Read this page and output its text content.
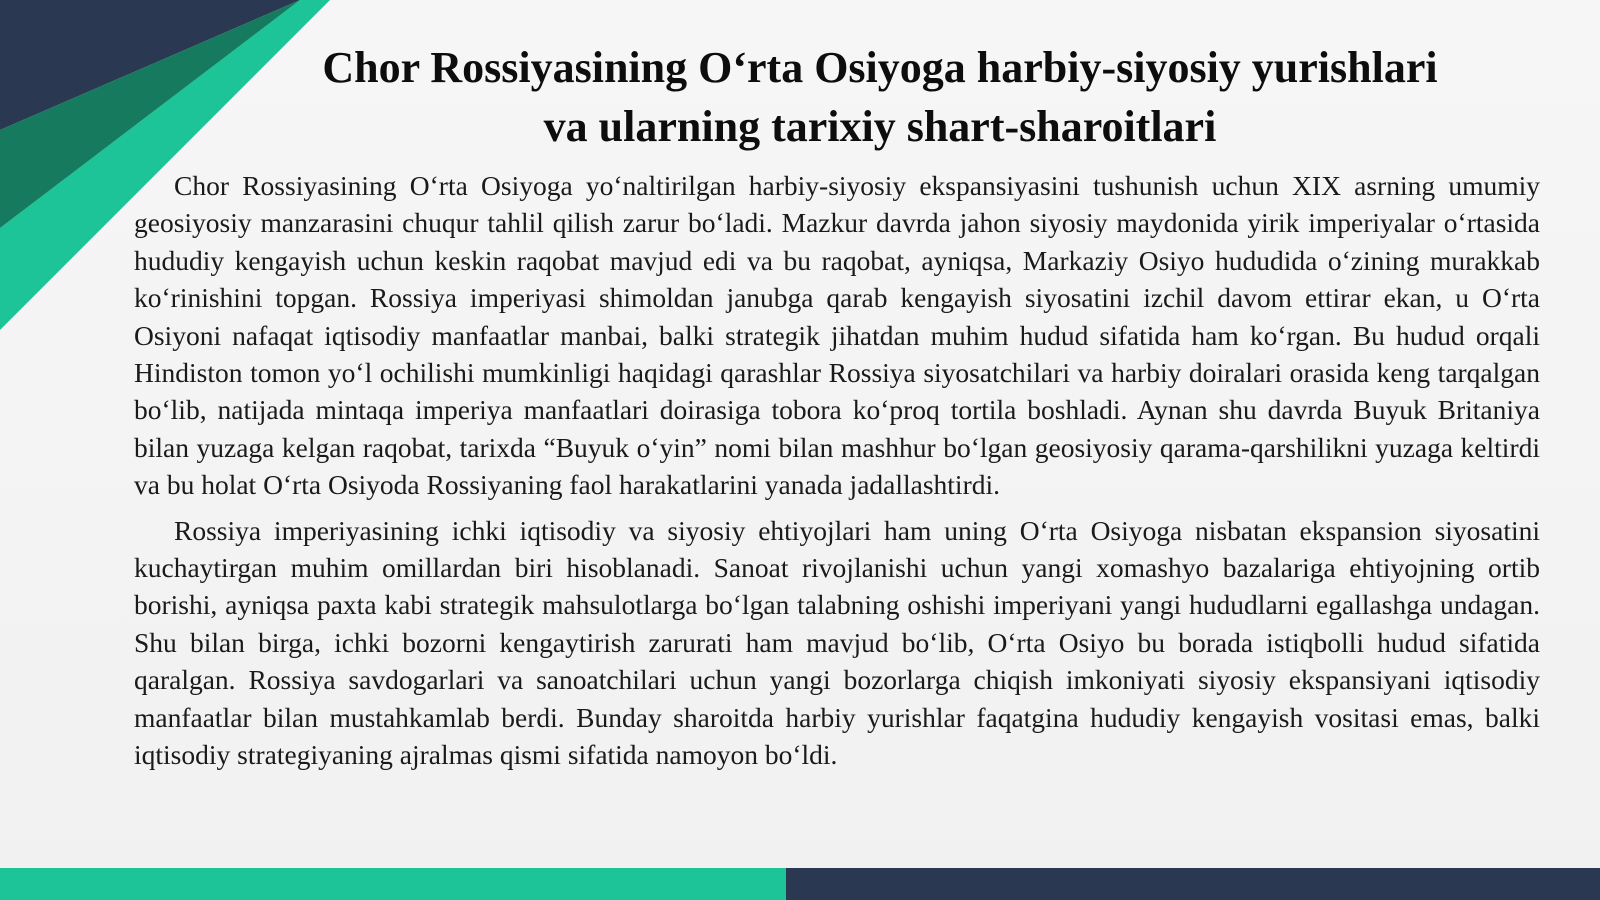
Chor Rossiyasining O‘rta Osiyoga harbiy-siyosiy yurishlari
va ularning tarixiy shart-sharoitlari

Chor Rossiyasining O‘rta Osiyoga yo‘naltirilgan harbiy-siyosiy ekspansiyasini tushunish uchun XIX asrning umumiy geosiyosiy manzarasini chuqur tahlil qilish zarur bo‘ladi. Mazkur davrda jahon siyosiy maydonida yirik imperiyalar o‘rtasida hududiy kengayish uchun keskin raqobat mavjud edi va bu raqobat, ayniqsa, Markaziy Osiyo hududida o‘zining murakkab ko‘rinishini topgan. Rossiya imperiyasi shimoldan janubga qarab kengayish siyosatini izchil davom ettirar ekan, u O‘rta Osiyoni nafaqat iqtisodiy manfaatlar manbai, balki strategik jihatdan muhim hudud sifatida ham ko‘rgan. Bu hudud orqali Hindiston tomon yo‘l ochilishi mumkinligi haqidagi qarashlar Rossiya siyosatchilari va harbiy doiralari orasida keng tarqalgan bo‘lib, natijada mintaqa imperiya manfaatlari doirasiga tobora ko‘proq tortila boshladi. Aynan shu davrda Buyuk Britaniya bilan yuzaga kelgan raqobat, tarixda “Buyuk o‘yin” nomi bilan mashhur bo‘lgan geosiyosiy qarama-qarshilikni yuzaga keltirdi va bu holat O‘rta Osiyoda Rossiyaning faol harakatlarini yanada jadallashtirdi.

Rossiya imperiyasining ichki iqtisodiy va siyosiy ehtiyojlari ham uning O‘rta Osiyoga nisbatan ekspansion siyosatini kuchaytirgan muhim omillardan biri hisoblanadi. Sanoat rivojlanishi uchun yangi xomashyo bazalariga ehtiyojning ortib borishi, ayniqsa paxta kabi strategik mahsulotlarga bo‘lgan talabning oshishi imperiyani yangi hududlarni egallashga undagan. Shu bilan birga, ichki bozorni kengaytirish zarurati ham mavjud bo‘lib, O‘rta Osiyo bu borada istiqbolli hudud sifatida qaralgan. Rossiya savdogarlari va sanoatchilari uchun yangi bozorlarga chiqish imkoniyati siyosiy ekspansiyani iqtisodiy manfaatlar bilan mustahkamlab berdi. Bunday sharoitda harbiy yurishlar faqatgina hududiy kengayish vositasi emas, balki iqtisodiy strategiyaning ajralmas qismi sifatida namoyon bo‘ldi.
